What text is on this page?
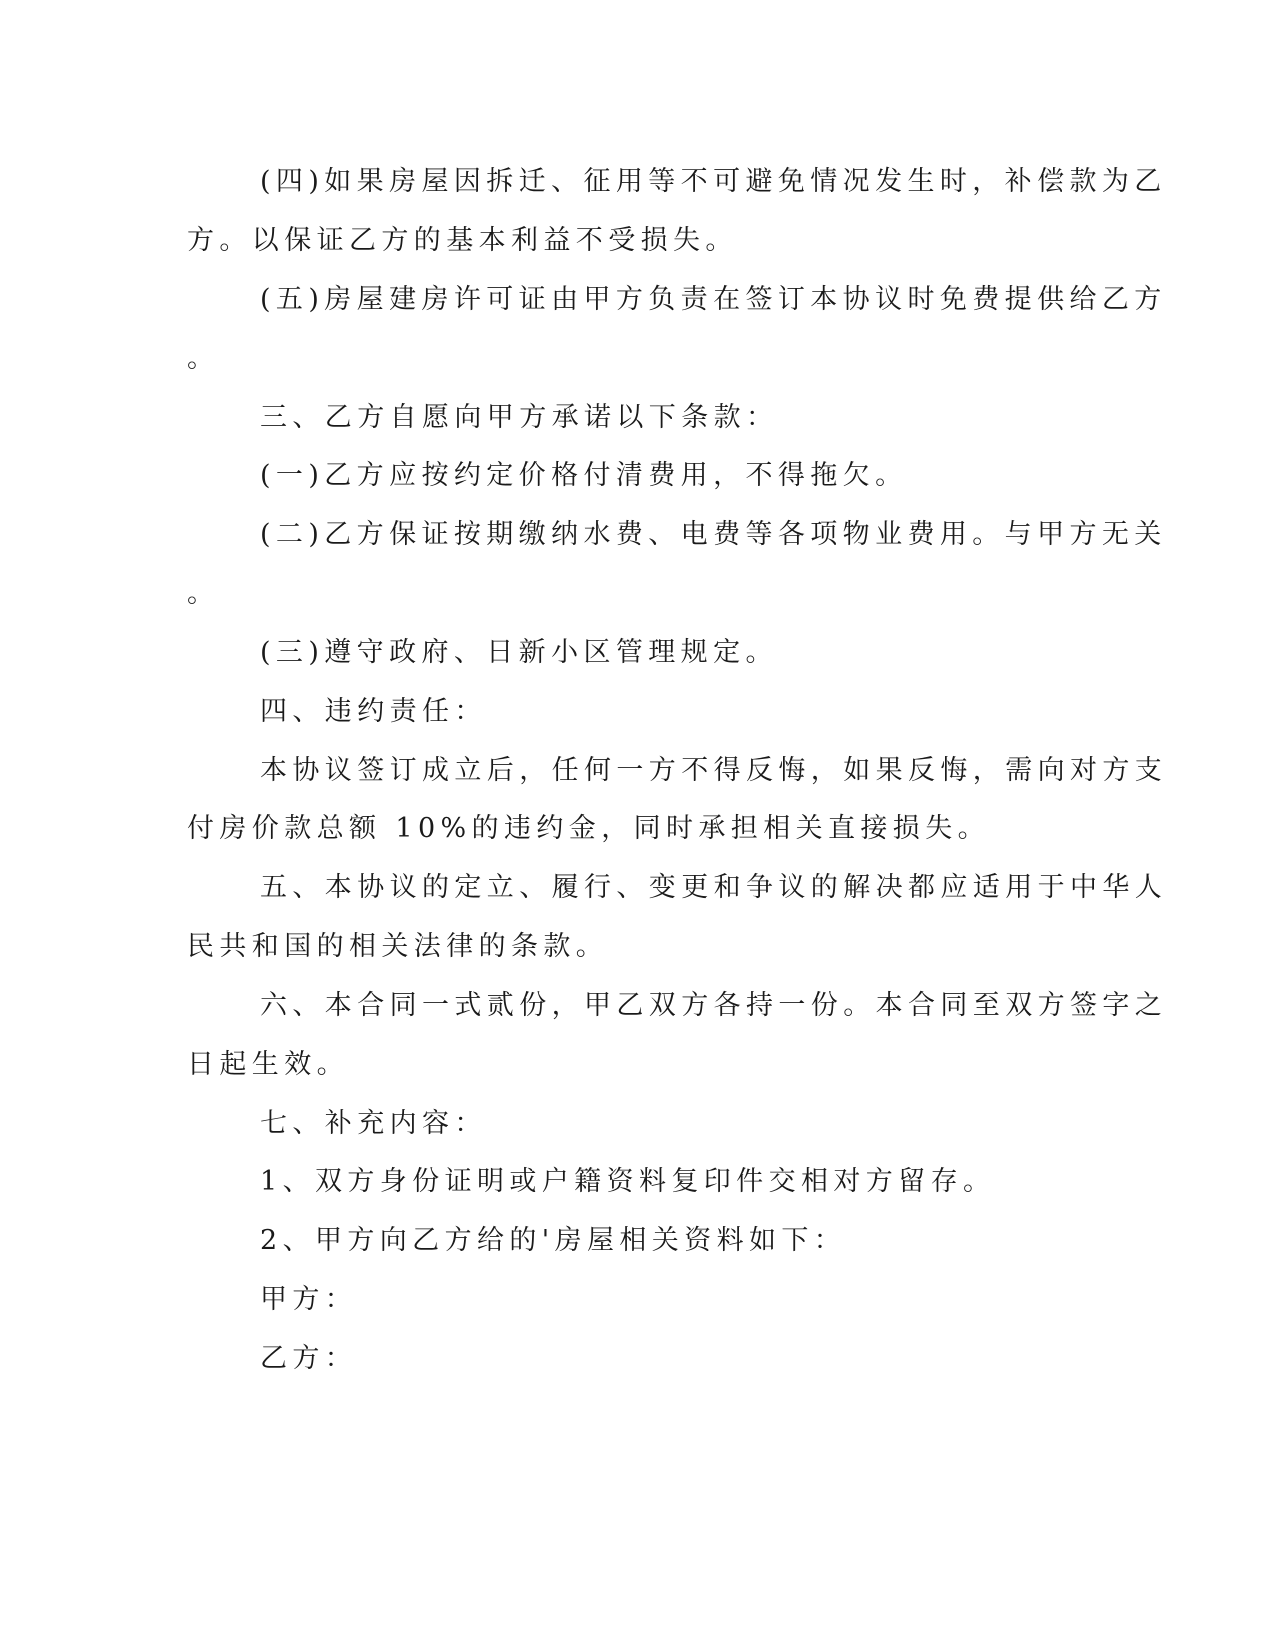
(四)如果房屋因拆迁、征用等不可避免情况发生时，补偿款为乙
方。以保证乙方的基本利益不受损失。
(五)房屋建房许可证由甲方负责在签订本协议时免费提供给乙方
。
三、乙方自愿向甲方承诺以下条款：
(一)乙方应按约定价格付清费用，不得拖欠。
(二)乙方保证按期缴纳水费、电费等各项物业费用。与甲方无关
。
(三)遵守政府、日新小区管理规定。
四、违约责任：
本协议签订成立后，任何一方不得反悔，如果反悔，需向对方支
付房价款总额 10%的违约金，同时承担相关直接损失。
五、本协议的定立、履行、变更和争议的解决都应适用于中华人
民共和国的相关法律的条款。
六、本合同一式贰份，甲乙双方各持一份。本合同至双方签字之
日起生效。
七、补充内容：
1、双方身份证明或户籍资料复印件交相对方留存。
2、甲方向乙方给的'房屋相关资料如下：
甲方：
乙方：
